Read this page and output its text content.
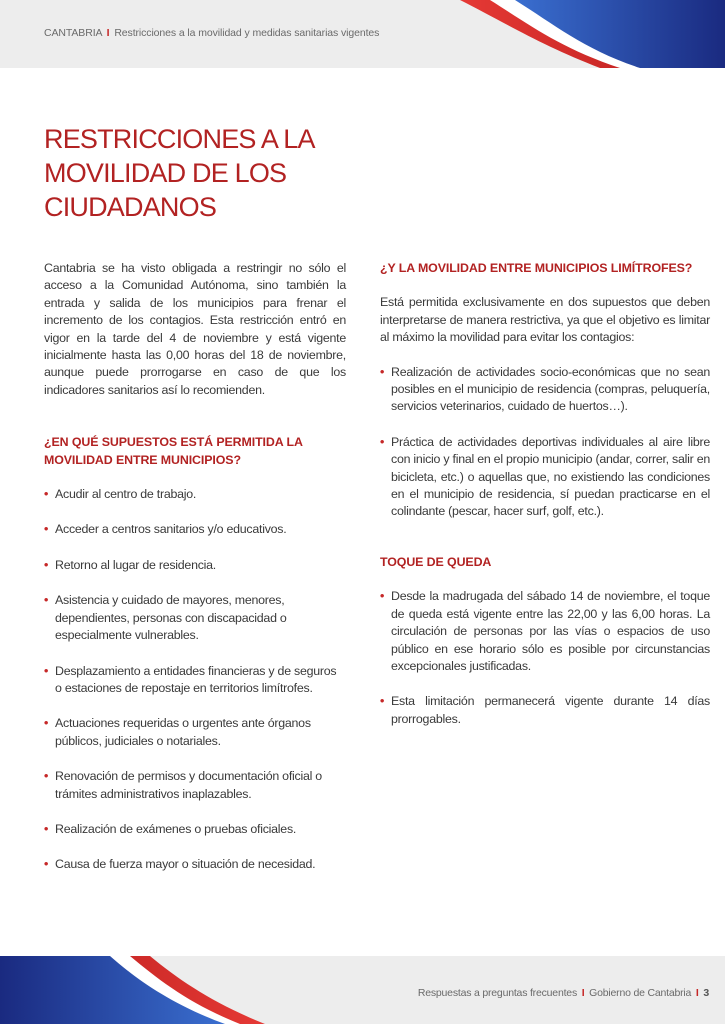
CANTABRIA I Restricciones a la movilidad y medidas sanitarias vigentes
RESTRICCIONES A LA MOVILIDAD DE LOS CIUDADANOS

Cantabria se ha visto obligada a restringir no sólo el acceso a la Comunidad Autónoma, sino también la entrada y salida de los municipios para frenar el incremento de los contagios. Esta restricción entró en vigor en la tarde del 4 de noviembre y está vigente inicialmente hasta las 0,00 horas del 18 de noviembre, aunque puede prorrogarse en caso de que los indicadores sanitarios así lo recomienden.

¿EN QUÉ SUPUESTOS ESTÁ PERMITIDA LA MOVILIDAD ENTRE MUNICIPIOS?
• Acudir al centro de trabajo.
• Acceder a centros sanitarios y/o educativos.
• Retorno al lugar de residencia.
• Asistencia y cuidado de mayores, menores, dependientes, personas con discapacidad o especialmente vulnerables.
• Desplazamiento a entidades financieras y de seguros o estaciones de repostaje en territorios limítrofes.
• Actuaciones requeridas o urgentes ante órganos públicos, judiciales o notariales.
• Renovación de permisos y documentación oficial o trámites administrativos inaplazables.
• Realización de exámenes o pruebas oficiales.
• Causa de fuerza mayor o situación de necesidad.
¿Y LA MOVILIDAD ENTRE MUNICIPIOS LIMÍTROFES?

Está permitida exclusivamente en dos supuestos que deben interpretarse de manera restrictiva, ya que el objetivo es limitar al máximo la movilidad para evitar los contagios:

• Realización de actividades socio-económicas que no sean posibles en el municipio de residencia (compras, peluquería, servicios veterinarios, cuidado de huertos…).
• Práctica de actividades deportivas individuales al aire libre con inicio y final en el propio municipio (andar, correr, salir en bicicleta, etc.) o aquellas que, no existiendo las condiciones en el municipio de residencia, sí puedan practicarse en el colindante (pescar, hacer surf, golf, etc.).
TOQUE DE QUEDA
• Desde la madrugada del sábado 14 de noviembre, el toque de queda está vigente entre las 22,00 y las 6,00 horas. La circulación de personas por las vías o espacios de uso público en ese horario sólo es posible por circunstancias excepcionales justificadas.
• Esta limitación permanecerá vigente durante 14 días prorrogables.
Respuestas a preguntas frecuentes I Gobierno de Cantabria I 3
